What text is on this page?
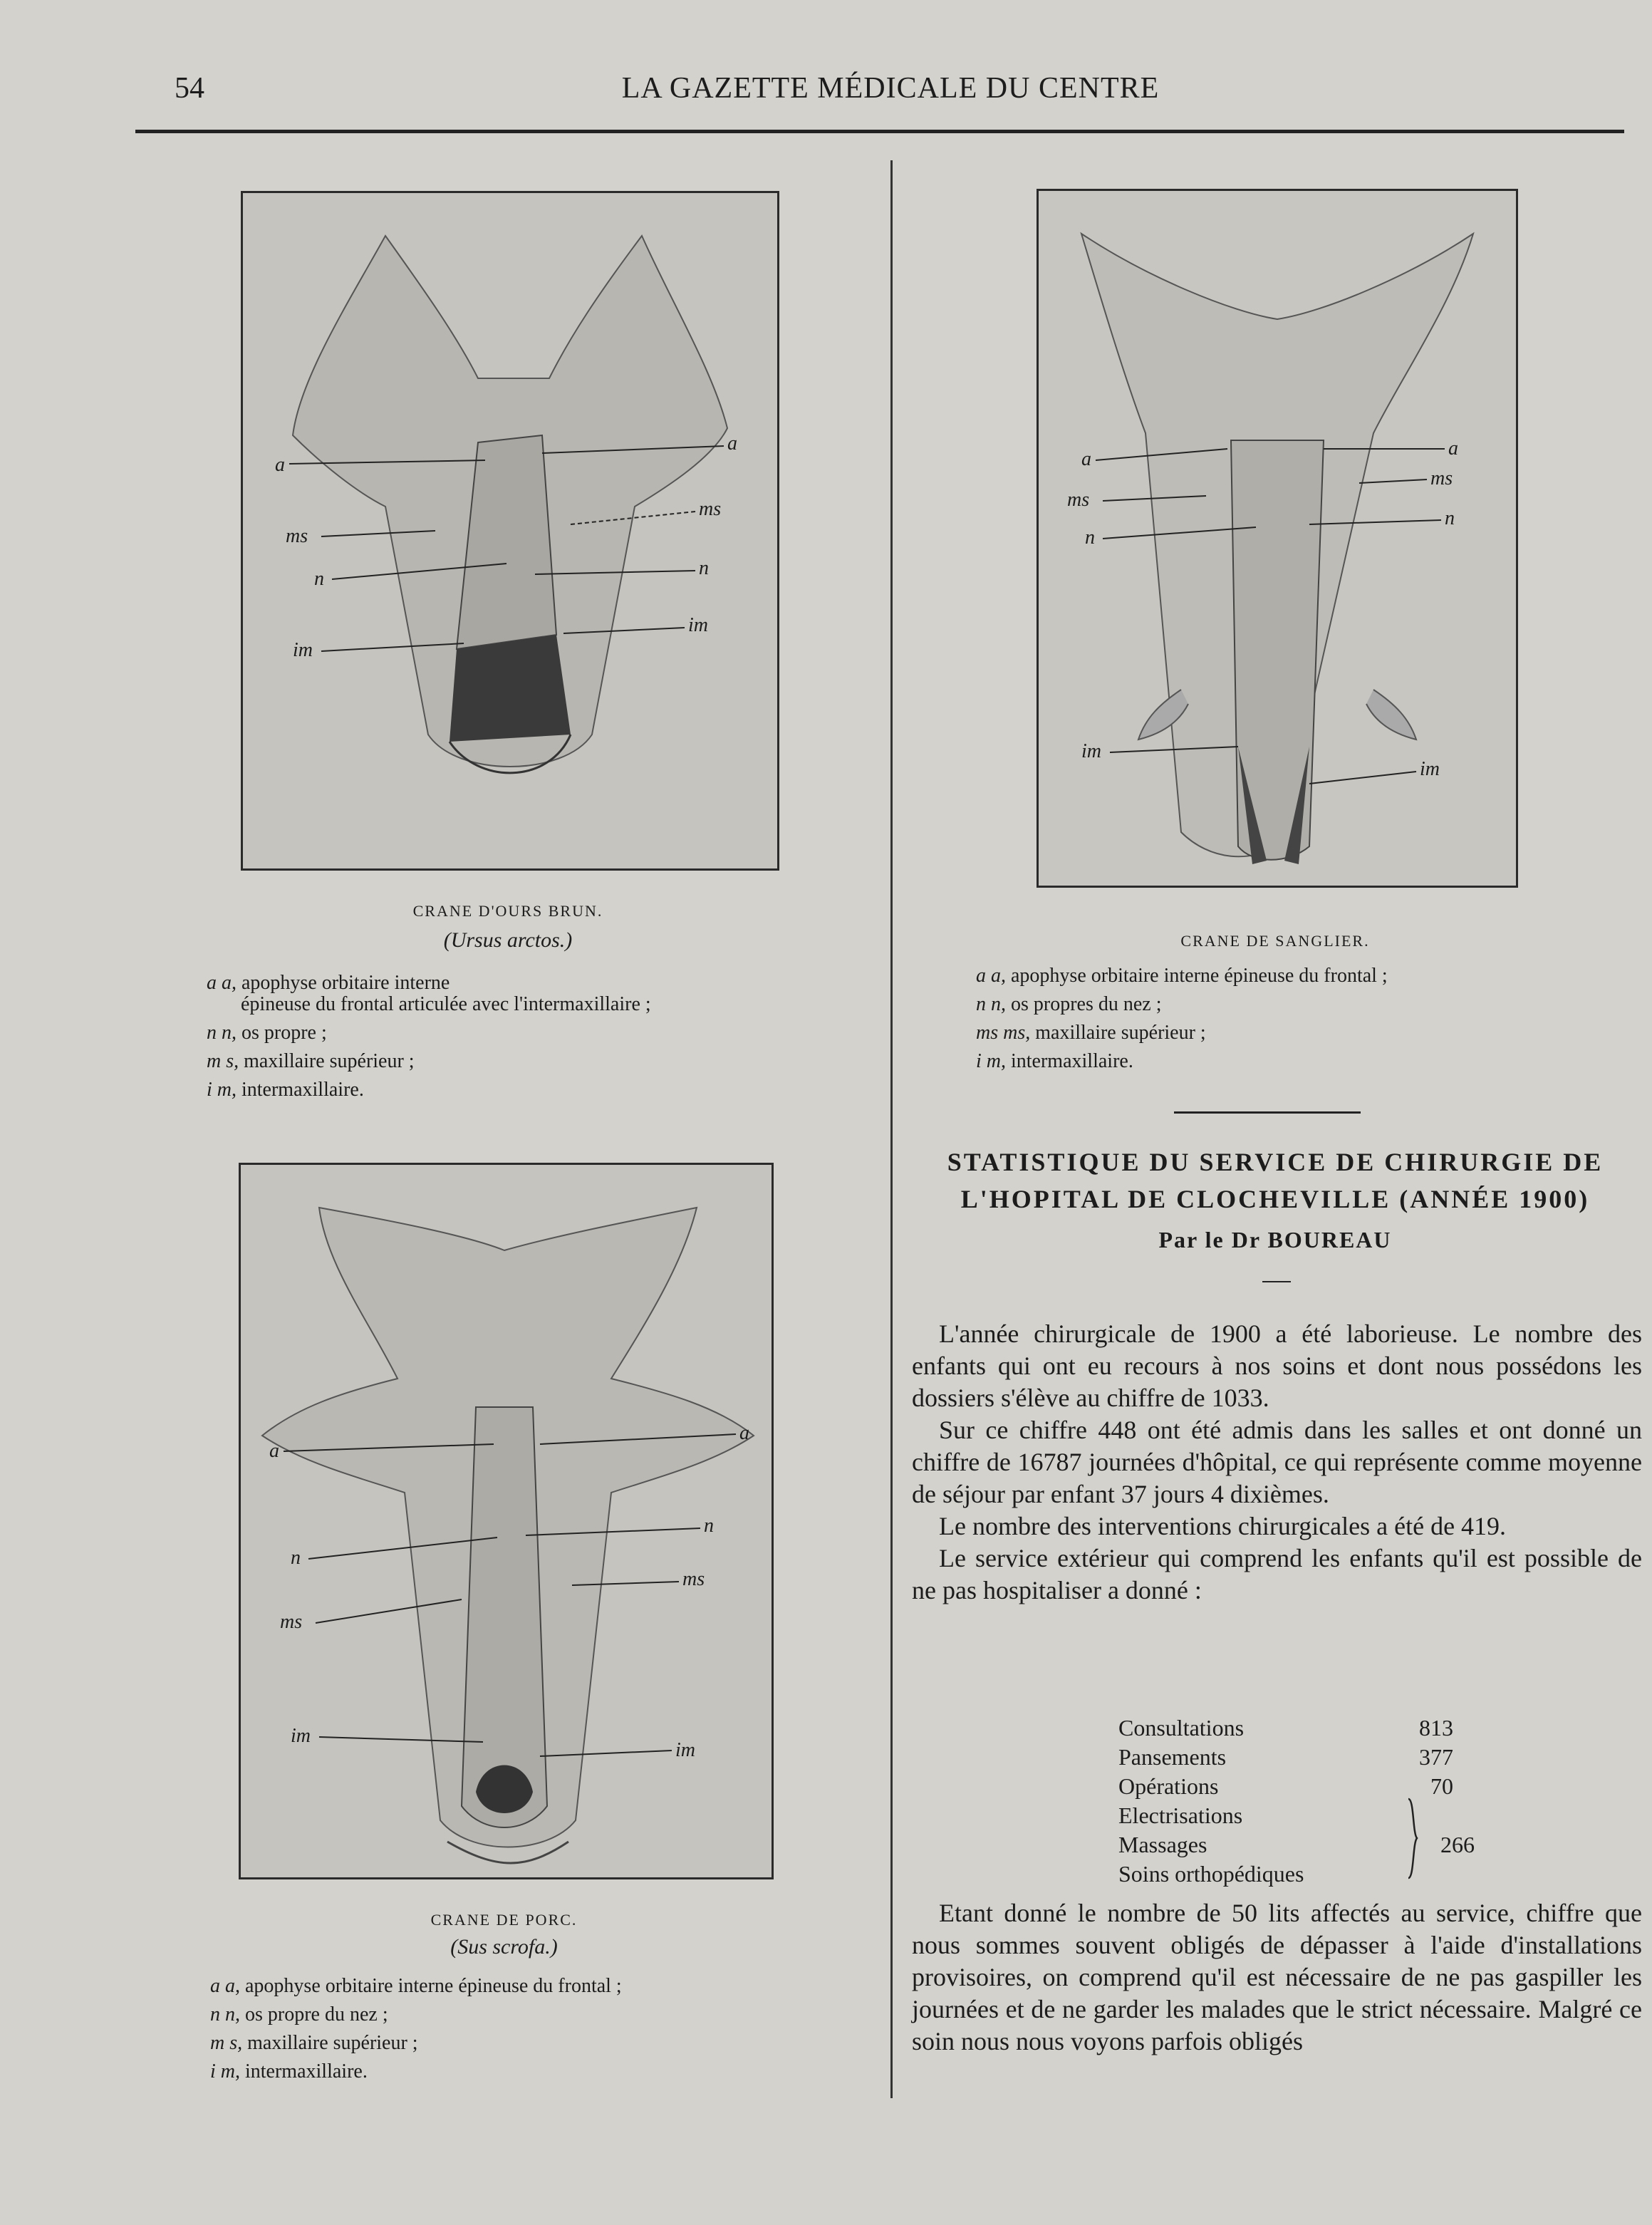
54	LA GAZETTE MÉDICALE DU CENTRE
a
a
ms
ms
n	n
im
im
CRANE D'OURS BRUN.
(Ursus arctos.)
a a, apophyse orbitaire interne
épineuse du frontal articulée avec l'intermaxillaire ;
n n, os propre ;
m s, maxillaire supérieur ;
i m, intermaxillaire.
a	a
ms
ms
n
n
im
im
CRANE DE SANGLIER.
a a, apophyse orbitaire interne épineuse du frontal ;
n n, os propres du nez ;
ms ms, maxillaire supérieur ;
i m, intermaxillaire.
a
a
n
n
ms
ms
im
im
CRANE DE PORC.
(Sus scrofa.)
a a, apophyse orbitaire interne épineuse du frontal ;
n n, os propre du nez ;
m s, maxillaire supérieur ;
i m, intermaxillaire.
STATISTIQUE DU SERVICE DE CHIRURGIE DE
L'HOPITAL DE CLOCHEVILLE (ANNÉE 1900)
Par le Dr BOUREAU

L'année chirurgicale de 1900 a été laborieuse. Le nombre des enfants qui ont eu recours à nos soins et dont nous possédons les dossiers s'élève au chiffre de 1033.

Sur ce chiffre 448 ont été admis dans les salles et ont donné un chiffre de 16787 journées d'hôpital, ce qui représente comme moyenne de séjour par enfant 37 jours 4 dixièmes.

Le nombre des interventions chirurgicales a été de 419.

Le service extérieur qui comprend les enfants qu'il est possible de ne pas hospitaliser a donné :

Consultations	813
Pansements	377
Opérations	70
Electrisations
Massages	266
Soins orthopédiques

Etant donné le nombre de 50 lits affectés au service, chiffre que nous sommes souvent obligés de dépasser à l'aide d'installations provisoires, on comprend qu'il est nécessaire de ne pas gaspiller les journées et de ne garder les malades que le strict nécessaire. Malgré ce soin nous nous voyons parfois obligés
